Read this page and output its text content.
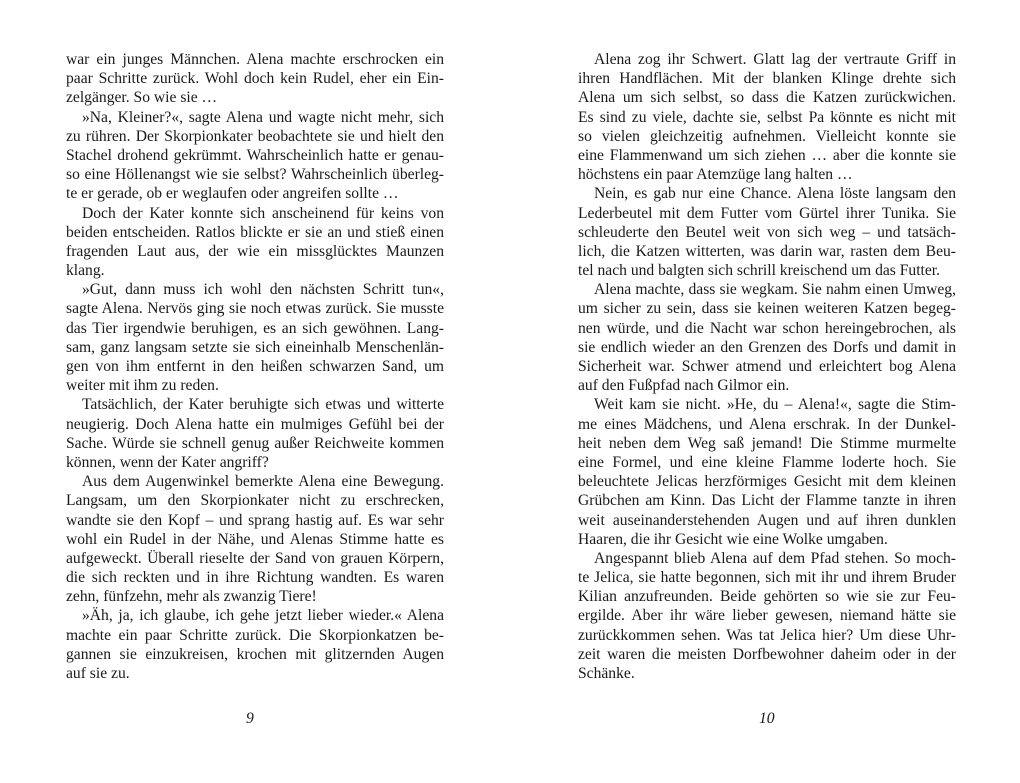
war ein junges Männchen. Alena machte erschrocken ein
paar Schritte zurück. Wohl doch kein Rudel, eher ein Ein-
zelgänger. So wie sie …
»Na, Kleiner?«, sagte Alena und wagte nicht mehr, sich
zu rühren. Der Skorpionkater beobachtete sie und hielt den
Stachel drohend gekrümmt. Wahrscheinlich hatte er genau-
so eine Höllenangst wie sie selbst? Wahrscheinlich überleg-
te er gerade, ob er weglaufen oder angreifen sollte …
Doch der Kater konnte sich anscheinend für keins von
beiden entscheiden. Ratlos blickte er sie an und stieß einen
fragenden Laut aus, der wie ein missglücktes Maunzen
klang.
»Gut, dann muss ich wohl den nächsten Schritt tun«,
sagte Alena. Nervös ging sie noch etwas zurück. Sie musste
das Tier irgendwie beruhigen, es an sich gewöhnen. Lang-
sam, ganz langsam setzte sie sich eineinhalb Menschenlän-
gen von ihm entfernt in den heißen schwarzen Sand, um
weiter mit ihm zu reden.
Tatsächlich, der Kater beruhigte sich etwas und witterte
neugierig. Doch Alena hatte ein mulmiges Gefühl bei der
Sache. Würde sie schnell genug außer Reichweite kommen
können, wenn der Kater angriff?
Aus dem Augenwinkel bemerkte Alena eine Bewegung.
Langsam, um den Skorpionkater nicht zu erschrecken,
wandte sie den Kopf – und sprang hastig auf. Es war sehr
wohl ein Rudel in der Nähe, und Alenas Stimme hatte es
aufgeweckt. Überall rieselte der Sand von grauen Körpern,
die sich reckten und in ihre Richtung wandten. Es waren
zehn, fünfzehn, mehr als zwanzig Tiere!
»Äh, ja, ich glaube, ich gehe jetzt lieber wieder.« Alena
machte ein paar Schritte zurück. Die Skorpionkatzen be-
gannen sie einzukreisen, krochen mit glitzernden Augen
auf sie zu.
Alena zog ihr Schwert. Glatt lag der vertraute Griff in
ihren Handflächen. Mit der blanken Klinge drehte sich
Alena um sich selbst, so dass die Katzen zurückwichen.
Es sind zu viele, dachte sie, selbst Pa könnte es nicht mit
so vielen gleichzeitig aufnehmen. Vielleicht konnte sie
eine Flammenwand um sich ziehen … aber die konnte sie
höchstens ein paar Atemzüge lang halten …
Nein, es gab nur eine Chance. Alena löste langsam den
Lederbeutel mit dem Futter vom Gürtel ihrer Tunika. Sie
schleuderte den Beutel weit von sich weg – und tatsäch-
lich, die Katzen witterten, was darin war, rasten dem Beu-
tel nach und balgten sich schrill kreischend um das Futter.
Alena machte, dass sie wegkam. Sie nahm einen Umweg,
um sicher zu sein, dass sie keinen weiteren Katzen begeg-
nen würde, und die Nacht war schon hereingebrochen, als
sie endlich wieder an den Grenzen des Dorfs und damit in
Sicherheit war. Schwer atmend und erleichtert bog Alena
auf den Fußpfad nach Gilmor ein.
Weit kam sie nicht. »He, du – Alena!«, sagte die Stim-
me eines Mädchens, und Alena erschrak. In der Dunkel-
heit neben dem Weg saß jemand! Die Stimme murmelte
eine Formel, und eine kleine Flamme loderte hoch. Sie
beleuchtete Jelicas herzförmiges Gesicht mit dem kleinen
Grübchen am Kinn. Das Licht der Flamme tanzte in ihren
weit auseinanderstehenden Augen und auf ihren dunklen
Haaren, die ihr Gesicht wie eine Wolke umgaben.
Angespannt blieb Alena auf dem Pfad stehen. So moch-
te Jelica, sie hatte begonnen, sich mit ihr und ihrem Bruder
Kilian anzufreunden. Beide gehörten so wie sie zur Feu-
ergilde. Aber ihr wäre lieber gewesen, niemand hätte sie
zurückkommen sehen. Was tat Jelica hier? Um diese Uhr-
zeit waren die meisten Dorfbewohner daheim oder in der
Schänke.
9	10
